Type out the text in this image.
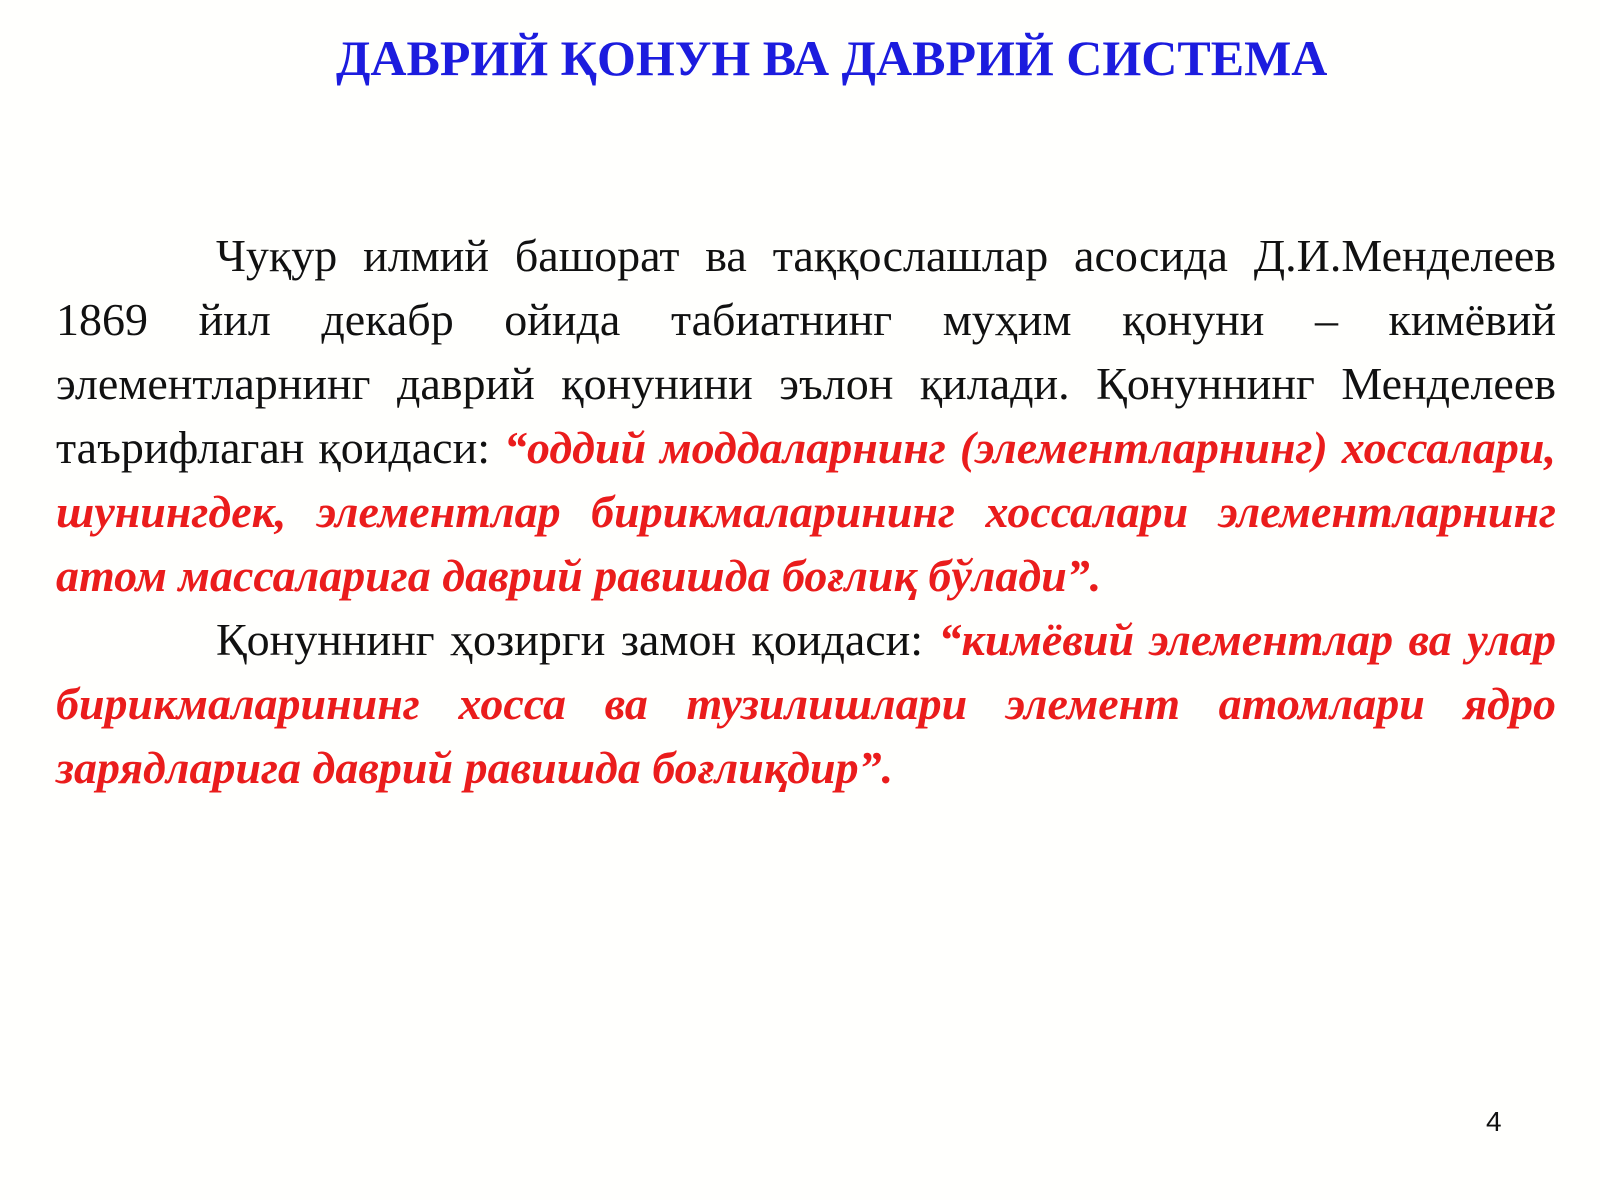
ДАВРИЙ ҚОНУН ВА ДАВРИЙ СИСТЕМА

Чуқур илмий башорат ва таққослашлар асосида Д.И.Менделеев 1869 йил декабр ойида табиатнинг муҳим қонуни – кимёвий элементларнинг даврий қонунини эълон қилади. Қонуннинг Менделеев таърифлаган қоидаси: “оддий моддаларнинг (элементларнинг) хоссалари, шунингдек, элементлар бирикмаларининг хоссалари элементларнинг атом массаларига даврий равишда боғлиқ бўлади”.

Қонуннинг ҳозирги замон қоидаси: “кимёвий элементлар ва улар бирикмаларининг хосса ва тузилишлари элемент атомлари ядро зарядларига даврий равишда боғлиқдир”.

4
